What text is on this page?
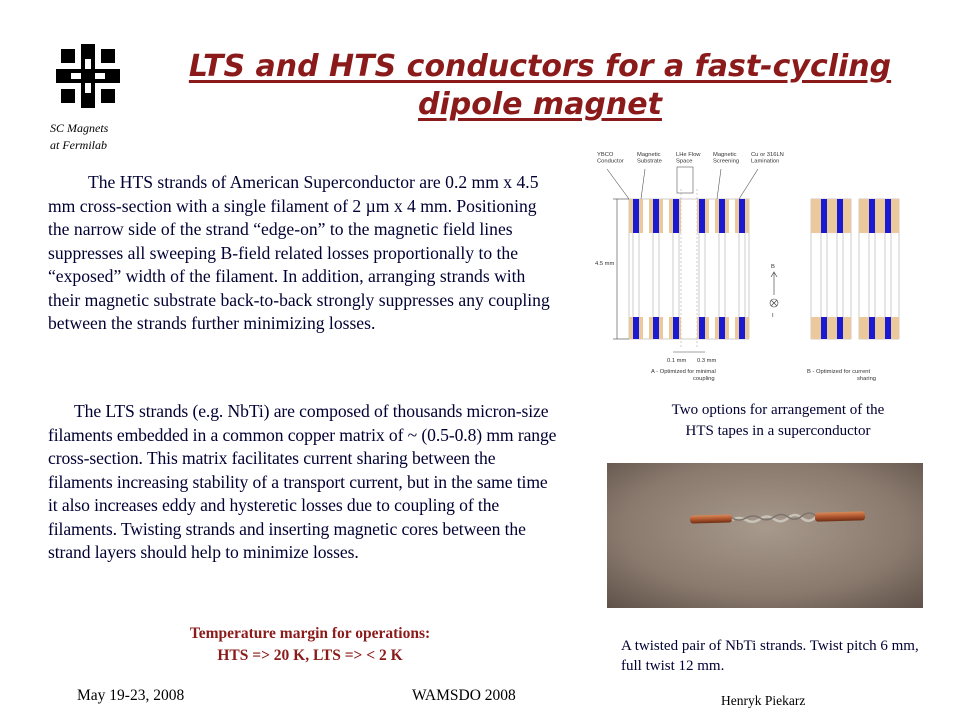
SC Magnets
at Fermilab
LTS and HTS conductors for a fast-cycling
dipole magnet
The HTS strands of American Superconductor are 0.2 mm x 4.5 mm cross-section with a single filament of 2 µm x 4 mm. Positioning the narrow side of the strand “edge-on” to the magnetic field lines suppresses all sweeping B-field related losses proportionally to the “exposed” width of the filament. In addition, arranging strands with their magnetic substrate back-to-back strongly suppresses any coupling between the strands further minimizing losses.
The LTS strands (e.g. NbTi) are composed of thousands micron-size filaments embedded in a common copper matrix of ~ (0.5-0.8) mm range cross-section. This matrix facilitates current sharing between the filaments increasing stability of a transport current, but in the same time it also increases eddy and hysteretic losses due to coupling of the filaments. Twisting strands and inserting magnetic cores between the strand layers should help to minimize losses.
Temperature margin for operations:
HTS => 20 K, LTS => < 2 K
YBCO Conductor
Magnetic Substrate
LHe Flow Space
Magnetic Screening
Cu or 316LN Lamination
4.5 mm
0.1 mm 0.3 mm
B
I
A - Optimized for minimal coupling
B - Optimized for current sharing
Two options for arrangement of the
HTS tapes in a superconductor
A twisted pair of NbTi strands. Twist pitch 6 mm, full twist 12 mm.
May 19-23, 2008	WAMSDO 2008	Henryk Piekarz
